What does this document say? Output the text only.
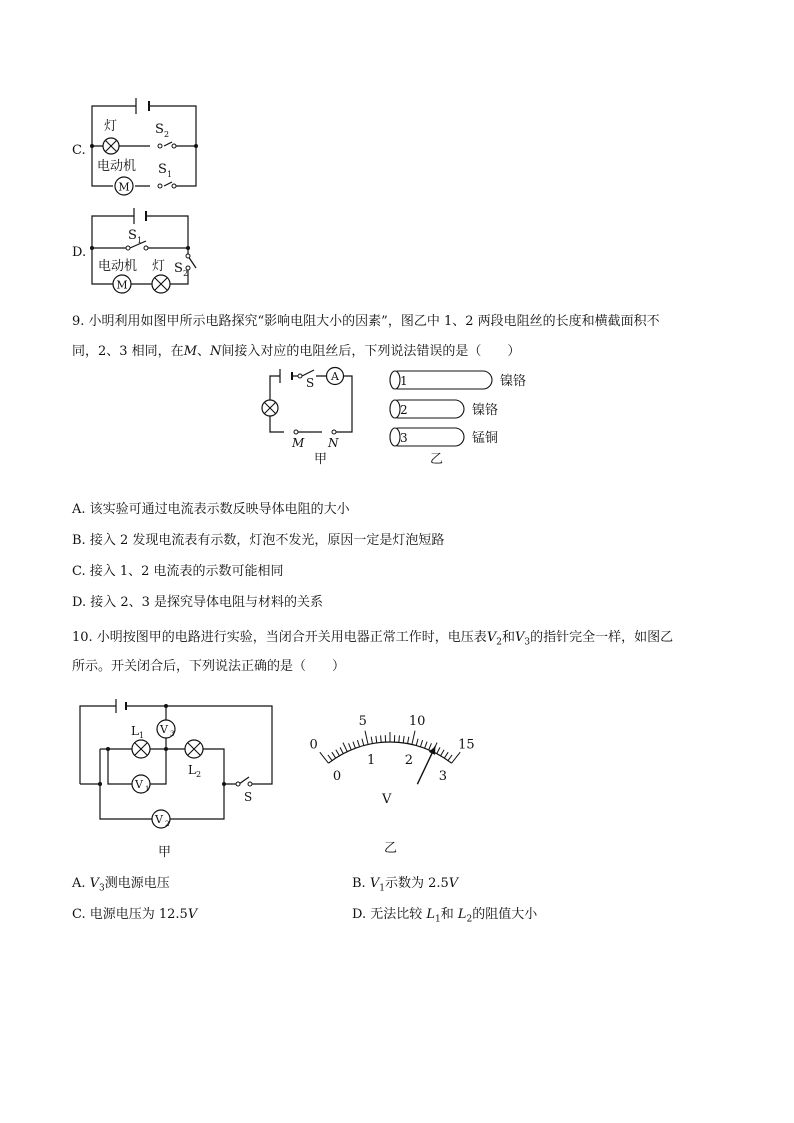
C.
M
灯	S 2
电动机 S 1
D.
M
S 1
电动机 灯 S 2
9. 小明利用如图甲所示电路探究“影响电阻大小的因素”，图乙中 1、2 两段电阻丝的长度和横截面积不
同，2、3 相同，在M、N间接入对应的电阻丝后，下列说法错误的是（　　）
A
S
M N
甲
1
2
3
镍铬
镍铬
锰铜
乙
A. 该实验可通过电流表示数反映导体电阻的大小
B. 接入 2 发现电流表有示数，灯泡不发光，原因一定是灯泡短路
C. 接入 1、2 电流表的示数可能相同
D. 接入 2、3 是探究导体电阻与材料的关系
10. 小明按图甲的电路进行实验，当闭合开关用电器正常工作时，电压表$V_2$和$V_3$的指针完全一样，如图乙
所示。开关闭合后，下列说法正确的是（　　）
V 3
V 1
V 2
L 1
L 2
S
甲
0
5	10
15
0
1 2
3
V
乙
A. $V_3$测电源电压	B. $V_1$示数为 2.5V
C. 电源电压为 12.5V	D. 无法比较 $L_1$和 $L_2$的阻值大小
